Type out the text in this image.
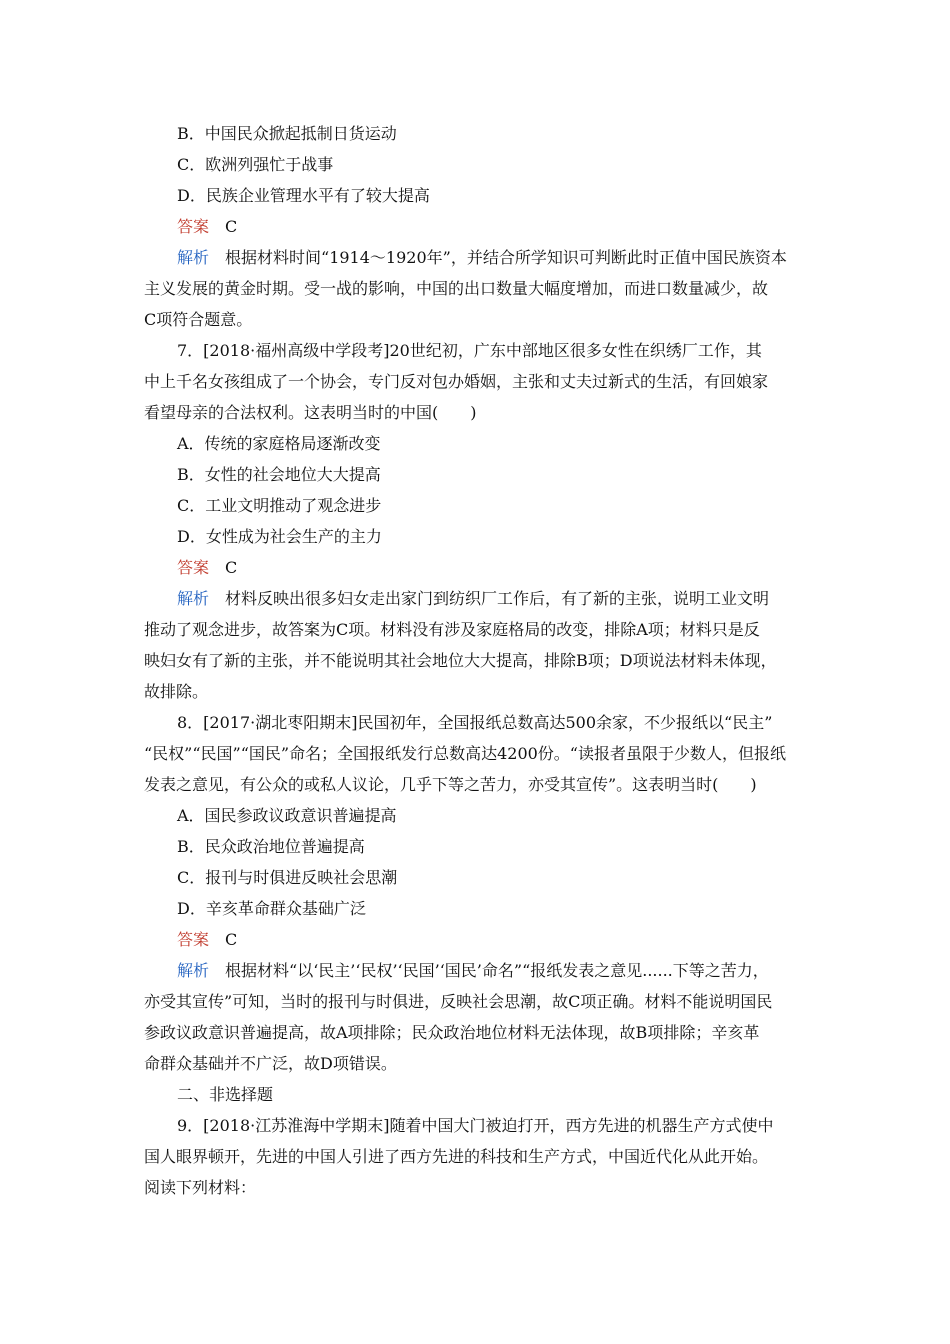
B．中国民众掀起抵制日货运动
C．欧洲列强忙于战事
D．民族企业管理水平有了较大提高
答案 C
解析 根据材料时间“1914～1920年”，并结合所学知识可判断此时正值中国民族资本
主义发展的黄金时期。受一战的影响，中国的出口数量大幅度增加，而进口数量减少，故
C项符合题意。
7．[2018·福州高级中学段考]20世纪初，广东中部地区很多女性在织绣厂工作，其
中上千名女孩组成了一个协会，专门反对包办婚姻，主张和丈夫过新式的生活，有回娘家
看望母亲的合法权利。这表明当时的中国(　　)
A．传统的家庭格局逐渐改变
B．女性的社会地位大大提高
C．工业文明推动了观念进步
D．女性成为社会生产的主力
答案 C
解析 材料反映出很多妇女走出家门到纺织厂工作后，有了新的主张，说明工业文明
推动了观念进步，故答案为C项。材料没有涉及家庭格局的改变，排除A项；材料只是反
映妇女有了新的主张，并不能说明其社会地位大大提高，排除B项；D项说法材料未体现，
故排除。
8．[2017·湖北枣阳期末]民国初年，全国报纸总数高达500余家，不少报纸以“民主”
“民权”“民国”“国民”命名；全国报纸发行总数高达4200份。“读报者虽限于少数人，但报纸
发表之意见，有公众的或私人议论，几乎下等之苦力，亦受其宣传”。这表明当时(　　)
A．国民参政议政意识普遍提高
B．民众政治地位普遍提高
C．报刊与时俱进反映社会思潮
D．辛亥革命群众基础广泛
答案 C
解析 根据材料“以‘民主’‘民权’‘民国’‘国民’命名”“报纸发表之意见......下等之苦力，
亦受其宣传”可知，当时的报刊与时俱进，反映社会思潮，故C项正确。材料不能说明国民
参政议政意识普遍提高，故A项排除；民众政治地位材料无法体现，故B项排除；辛亥革
命群众基础并不广泛，故D项错误。
二、非选择题
9．[2018·江苏淮海中学期末]随着中国大门被迫打开，西方先进的机器生产方式使中
国人眼界顿开，先进的中国人引进了西方先进的科技和生产方式，中国近代化从此开始。
阅读下列材料：
